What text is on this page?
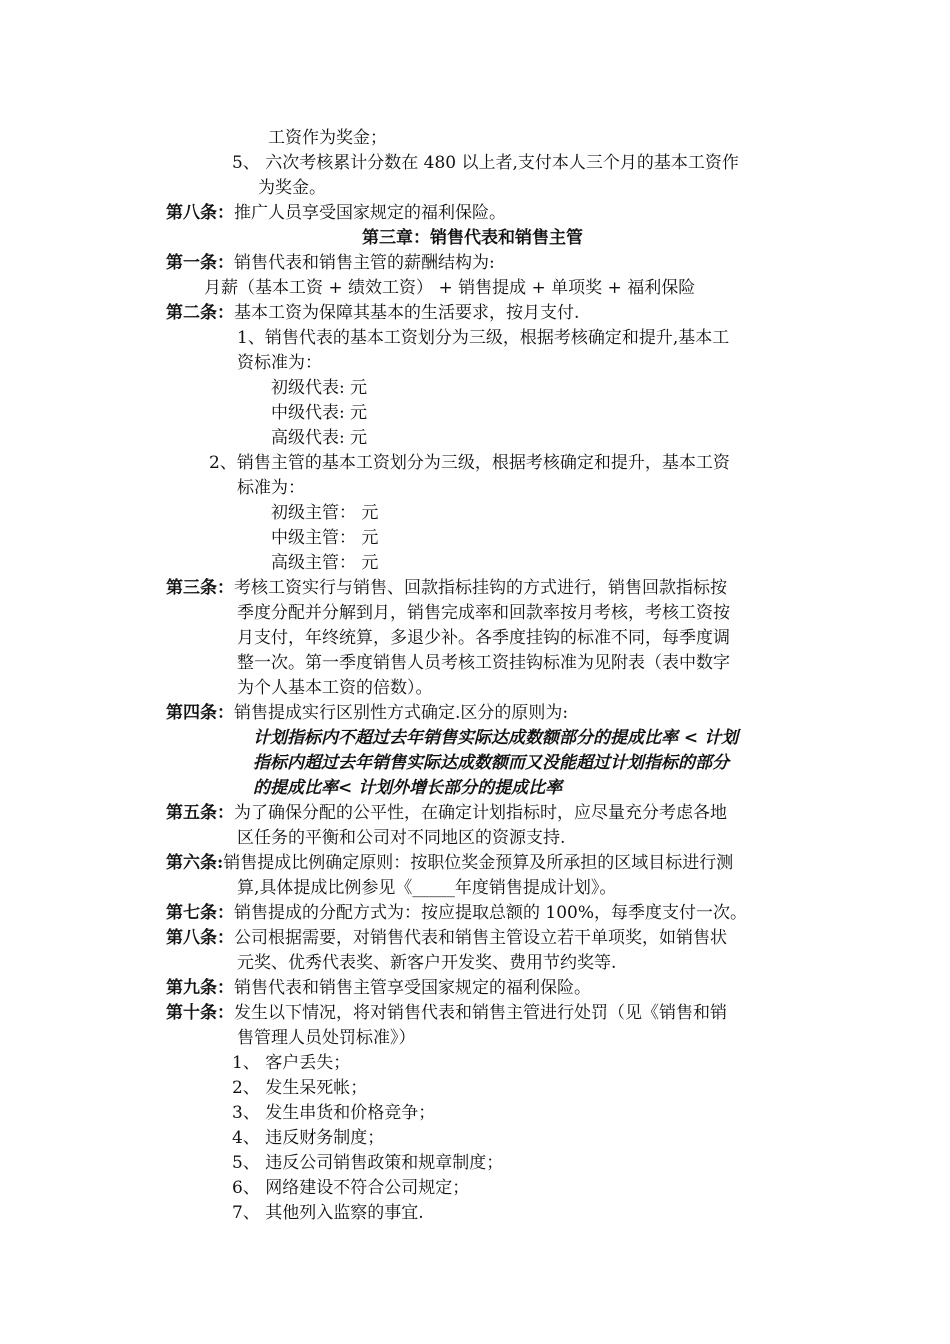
工资作为奖金；
5、 六次考核累计分数在 480 以上者,支付本人三个月的基本工资作
为奖金。
第八条：推广人员享受国家规定的福利保险。
第三章：销售代表和销售主管
第一条：销售代表和销售主管的薪酬结构为:
月薪（基本工资 + 绩效工资） + 销售提成 + 单项奖 + 福利保险
第二条：基本工资为保障其基本的生活要求，按月支付.
1、销售代表的基本工资划分为三级，根据考核确定和提升,基本工
资标准为：
初级代表: 元
中级代表: 元
高级代表: 元
2、销售主管的基本工资划分为三级，根据考核确定和提升，基本工资
标准为：
初级主管： 元
中级主管： 元
高级主管： 元
第三条：考核工资实行与销售、回款指标挂钩的方式进行，销售回款指标按
季度分配并分解到月，销售完成率和回款率按月考核，考核工资按
月支付，年终统算，多退少补。各季度挂钩的标准不同，每季度调
整一次。第一季度销售人员考核工资挂钩标准为见附表（表中数字
为个人基本工资的倍数）。
第四条：销售提成实行区别性方式确定.区分的原则为:
计划指标内不超过去年销售实际达成数额部分的提成比率 < 计划
指标内超过去年销售实际达成数额而又没能超过计划指标的部分
的提成比率< 计划外增长部分的提成比率
第五条：为了确保分配的公平性，在确定计划指标时，应尽量充分考虑各地
区任务的平衡和公司对不同地区的资源支持.
第六条:销售提成比例确定原则：按职位奖金预算及所承担的区域目标进行测
算,具体提成比例参见《_____年度销售提成计划》。
第七条：销售提成的分配方式为：按应提取总额的 100%，每季度支付一次。
第八条：公司根据需要，对销售代表和销售主管设立若干单项奖，如销售状
元奖、优秀代表奖、新客户开发奖、费用节约奖等.
第九条：销售代表和销售主管享受国家规定的福利保险。
第十条：发生以下情况，将对销售代表和销售主管进行处罚（见《销售和销
售管理人员处罚标准》）
1、 客户丢失；
2、 发生呆死帐；
3、 发生串货和价格竞争；
4、 违反财务制度；
5、 违反公司销售政策和规章制度；
6、 网络建设不符合公司规定；
7、 其他列入监察的事宜.
